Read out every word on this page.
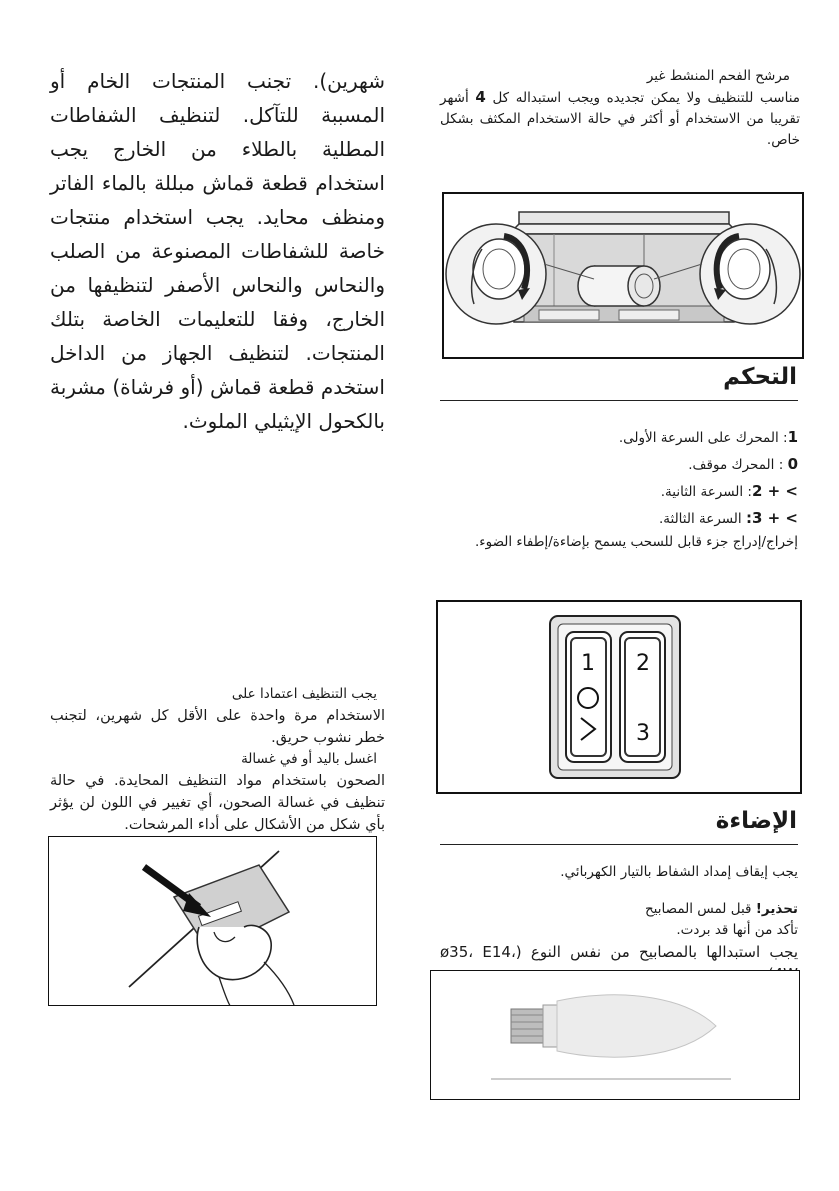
مرشح الفحم المنشط غير

مناسب للتنظيف ولا يمكن تجديده ويجب استبداله كل 4 أشهر تقريبا من الاستخدام أو أكثر في حالة الاستخدام المكثف بشكل خاص.

التحكم
1: المحرك على السرعة الأولى.
0 : المحرك موقف.
> + 2: السرعة الثانية.
> + 3: السرعة الثالثة.

إخراج/إدراج جزء قابل للسحب يسمح بإضاءة/إطفاء الضوء.

1 2
3
الإضاءة

يجب إيقاف إمداد الشفاط بالتيار الكهربائي.

تحذير! قبل لمس المصابيح

تأكد من أنها قد بردت.

يجب استبدالها بالمصابيح من نفس النوع (ø35، E14،

شهرين). تجنب المنتجات الخام أو المسببة للتآكل. لتنظيف الشفاطات المطلية بالطلاء من الخارج يجب استخدام قطعة قماش مبللة بالماء الفاتر ومنظف محايد. يجب استخدام منتجات خاصة للشفاطات المصنوعة من الصلب والنحاس والنحاس الأصفر لتنظيفها من الخارج، وفقا للتعليمات الخاصة بتلك المنتجات. لتنظيف الجهاز من الداخل استخدم قطعة قماش (أو فرشاة) مشربة بالكحول الإيثيلي الملوث.

يجب التنظيف اعتمادا على

الاستخدام مرة واحدة على الأقل كل شهرين، لتجنب خطر نشوب حريق.

اغسل باليد أو في غسالة

الصحون باستخدام مواد التنظيف المحايدة. في حالة تنظيف في غسالة الصحون، أي تغيير في اللون لن يؤثر بأي شكل من الأشكال على أداء المرشحات.
